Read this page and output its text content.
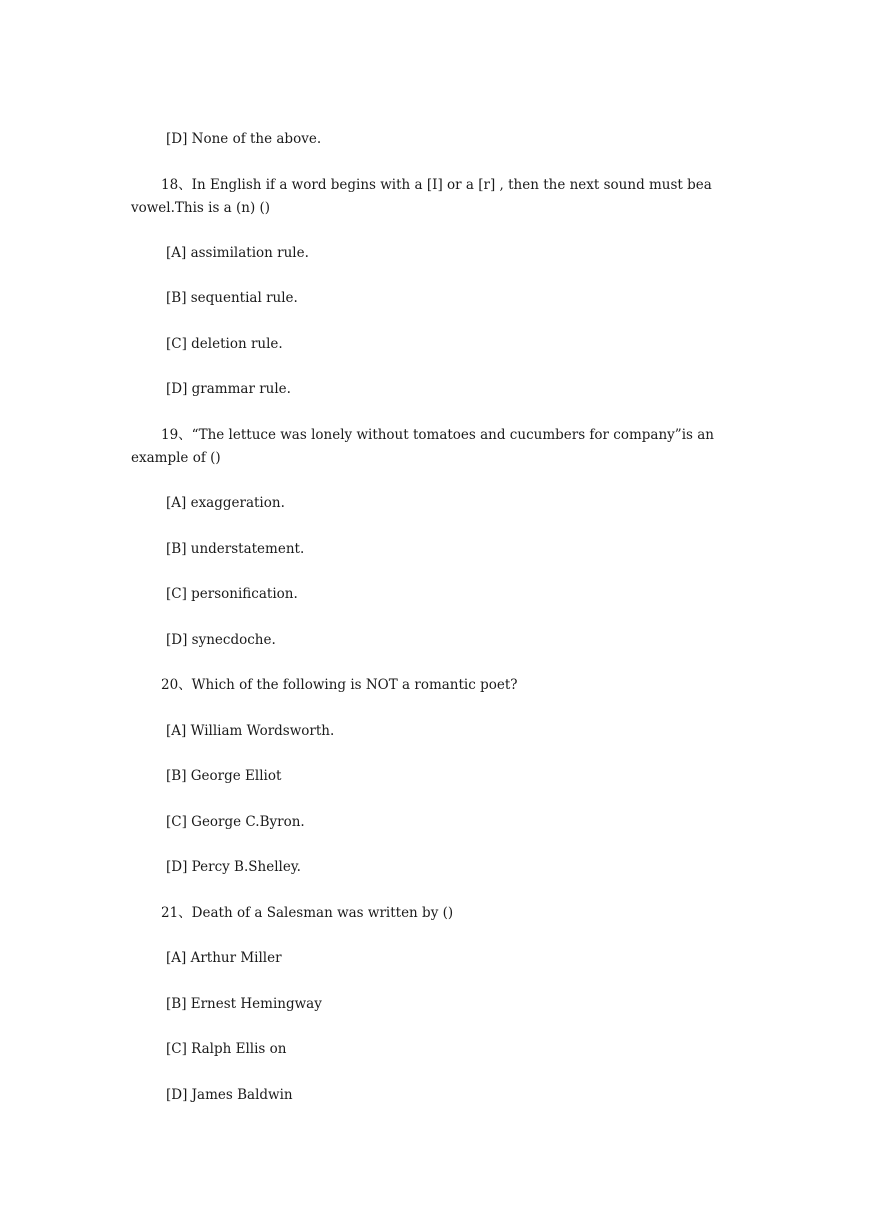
[D] None of the above.
18、In English if a word begins with a [I] or a [r] , then the next sound must bea vowel.This is a (n) ()
[A] assimilation rule.
[B] sequential rule.
[C] deletion rule.
[D] grammar rule.
19、“The lettuce was lonely without tomatoes and cucumbers for company”is an example of ()
[A] exaggeration.
[B] understatement.
[C] personification.
[D] synecdoche.
20、Which of the following is NOT a romantic poet?
[A] William Wordsworth.
[B] George Elliot
[C] George C.Byron.
[D] Percy B.Shelley.
21、Death of a Salesman was written by ()
[A] Arthur Miller
[B] Ernest Hemingway
[C] Ralph Ellis on
[D] James Baldwin
